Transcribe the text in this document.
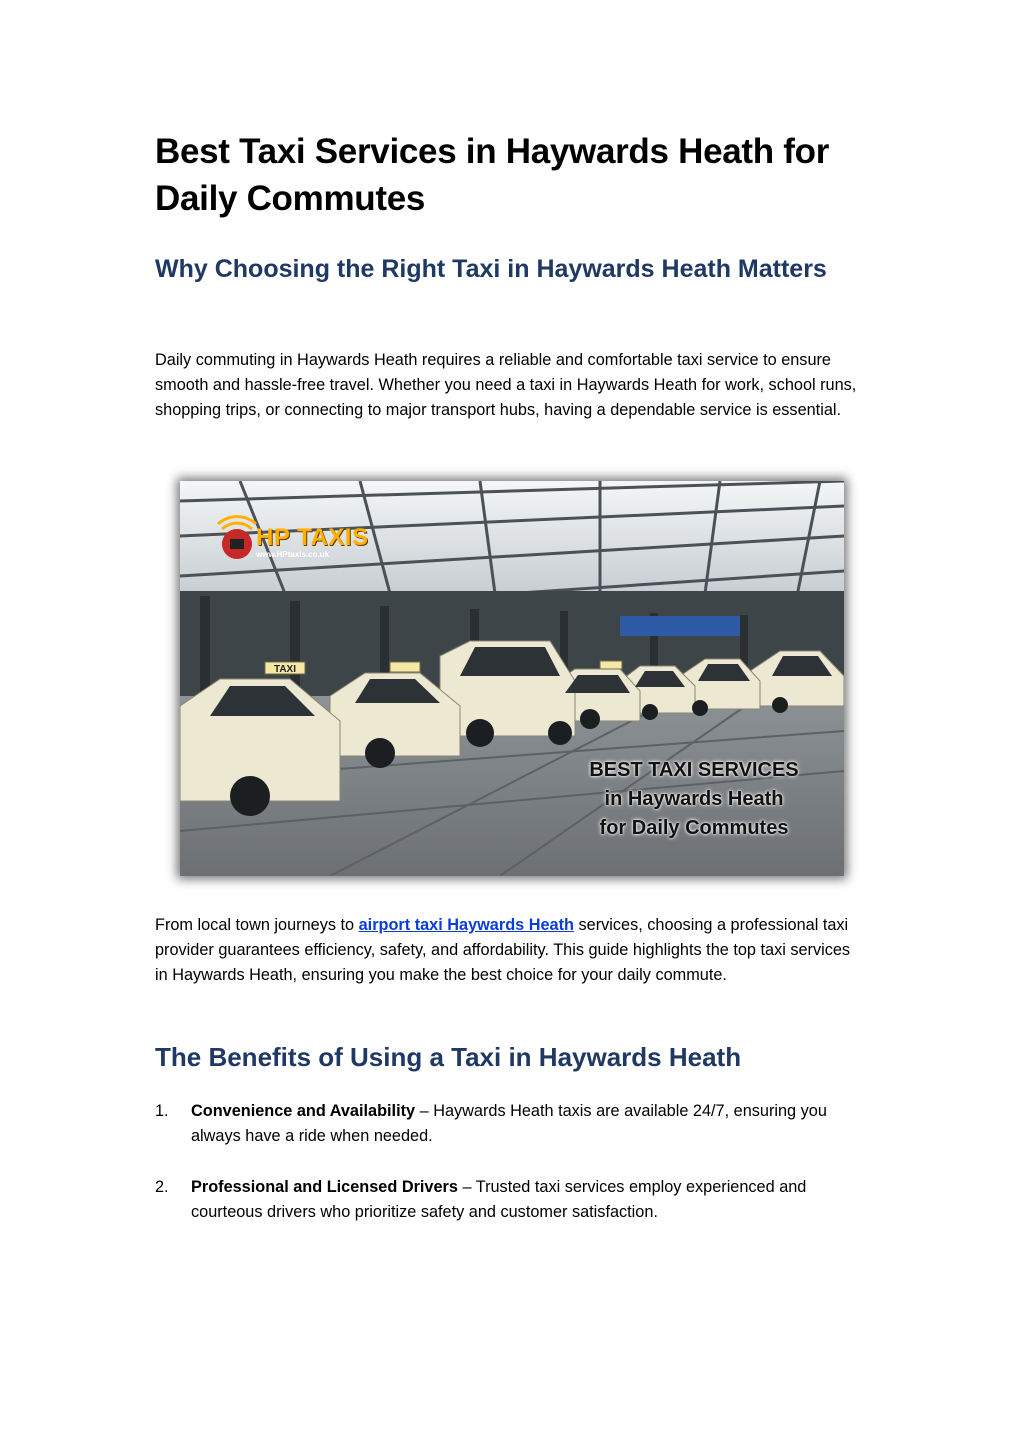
Best Taxi Services in Haywards Heath for Daily Commutes
Why Choosing the Right Taxi in Haywards Heath Matters

Daily commuting in Haywards Heath requires a reliable and comfortable taxi service to ensure smooth and hassle-free travel. Whether you need a taxi in Haywards Heath for work, school runs, shopping trips, or connecting to major transport hubs, having a dependable service is essential.

From local town journeys to airport taxi Haywards Heath services, choosing a professional taxi provider guarantees efficiency, safety, and affordability. This guide highlights the top taxi services in Haywards Heath, ensuring you make the best choice for your daily commute.

The Benefits of Using a Taxi in Haywards Heath
1. Convenience and Availability – Haywards Heath taxis are available 24/7, ensuring you always have a ride when needed.
2. Professional and Licensed Drivers – Trusted taxi services employ experienced and courteous drivers who prioritize safety and customer satisfaction.
TAXI
HP TAXIS
www.HPtaxis.co.uk
BEST TAXI SERVICES
in Haywards Heath
for Daily Commutes
